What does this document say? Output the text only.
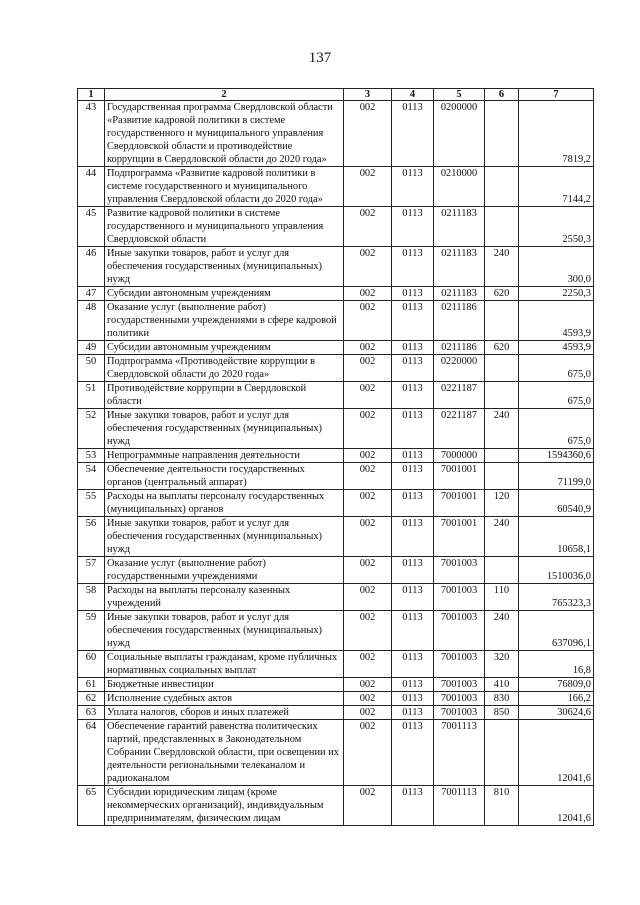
137
1	2	3	4	5	6	7
43	Государственная программа Свердловской области «Развитие кадровой политики в системе государственного и муниципального управления Свердловской области и противодействие коррупции в Свердловской области до 2020 года»	002	0113	0200000		7819,2
44	Подпрограмма «Развитие кадровой политики в системе государственного и муниципального управления Свердловской области до 2020 года»	002	0113	0210000		7144,2
45	Развитие кадровой политики в системе государственного и муниципального управления Свердловской области	002	0113	0211183		2550,3
46	Иные закупки товаров, работ и услуг для обеспечения государственных (муниципальных) нужд	002	0113	0211183	240	300,0
47	Субсидии автономным учреждениям	002	0113	0211183	620	2250,3
48	Оказание услуг (выполнение работ) государственными учреждениями в сфере кадровой политики	002	0113	0211186		4593,9
49	Субсидии автономным учреждениям	002	0113	0211186	620	4593,9
50	Подпрограмма «Противодействие коррупции в Свердловской области до 2020 года»	002	0113	0220000		675,0
51	Противодействие коррупции в Свердловской области	002	0113	0221187		675,0
52	Иные закупки товаров, работ и услуг для обеспечения государственных (муниципальных) нужд	002	0113	0221187	240	675,0
53	Непрограммные направления деятельности	002	0113	7000000		1594360,6
54	Обеспечение деятельности государственных органов (центральный аппарат)	002	0113	7001001		71199,0
55	Расходы на выплаты персоналу государственных (муниципальных) органов	002	0113	7001001	120	60540,9
56	Иные закупки товаров, работ и услуг для обеспечения государственных (муниципальных) нужд	002	0113	7001001	240	10658,1
57	Оказание услуг (выполнение работ) государственными учреждениями	002	0113	7001003		1510036,0
58	Расходы на выплаты персоналу казенных учреждений	002	0113	7001003	110	765323,3
59	Иные закупки товаров, работ и услуг для обеспечения государственных (муниципальных) нужд	002	0113	7001003	240	637096,1
60	Социальные выплаты гражданам, кроме публичных нормативных социальных выплат	002	0113	7001003	320	16,8
61	Бюджетные инвестиции	002	0113	7001003	410	76809,0
62	Исполнение судебных актов	002	0113	7001003	830	166,2
63	Уплата налогов, сборов и иных платежей	002	0113	7001003	850	30624,6
64	Обеспечение гарантий равенства политических партий, представленных в Законодательном Собрании Свердловской области, при освещении их деятельности региональными телеканалом и радиоканалом	002	0113	7001113		12041,6
65	Субсидии юридическим лицам (кроме некоммерческих организаций), индивидуальным предпринимателям, физическим лицам	002	0113	7001113	810	12041,6
